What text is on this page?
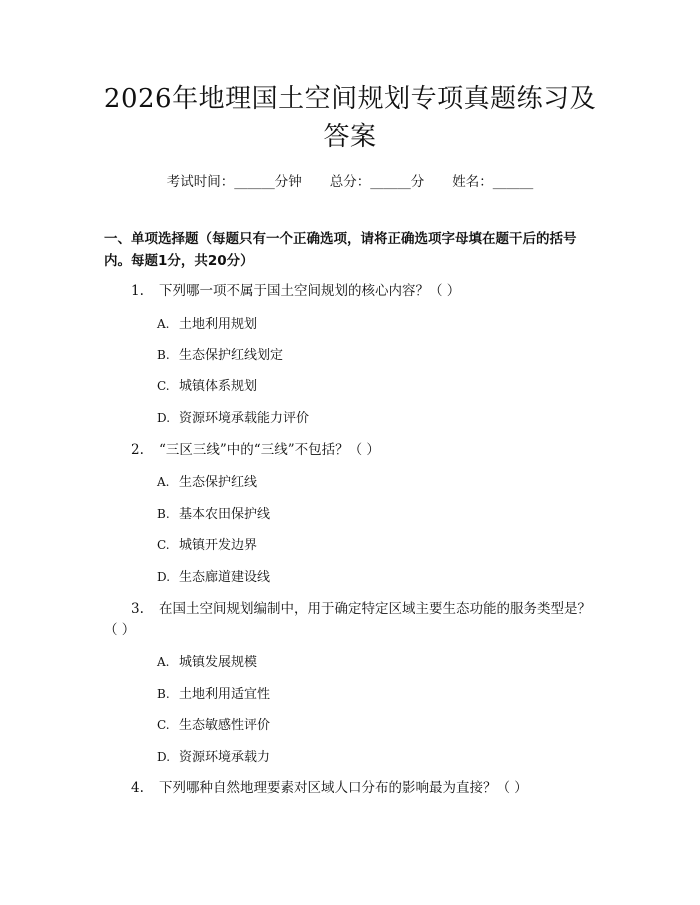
2026年地理国土空间规划专项真题练习及答案
考试时间：______分钟 总分：______分 姓名：______

一、单项选择题（每题只有一个正确选项，请将正确选项字母填在题干后的括号内。每题1分，共20分）

1. 下列哪一项不属于国土空间规划的核心内容？（ ）

A. 土地利用规划
B. 生态保护红线划定
C. 城镇体系规划
D. 资源环境承载能力评价

2. “三区三线”中的“三线”不包括？（ ）

A. 生态保护红线
B. 基本农田保护线
C. 城镇开发边界
D. 生态廊道建设线

3. 在国土空间规划编制中，用于确定特定区域主要生态功能的服务类型是？

（ ）

A. 城镇发展规模
B. 土地利用适宜性
C. 生态敏感性评价
D. 资源环境承载力

4. 下列哪种自然地理要素对区域人口分布的影响最为直接？（ ）
